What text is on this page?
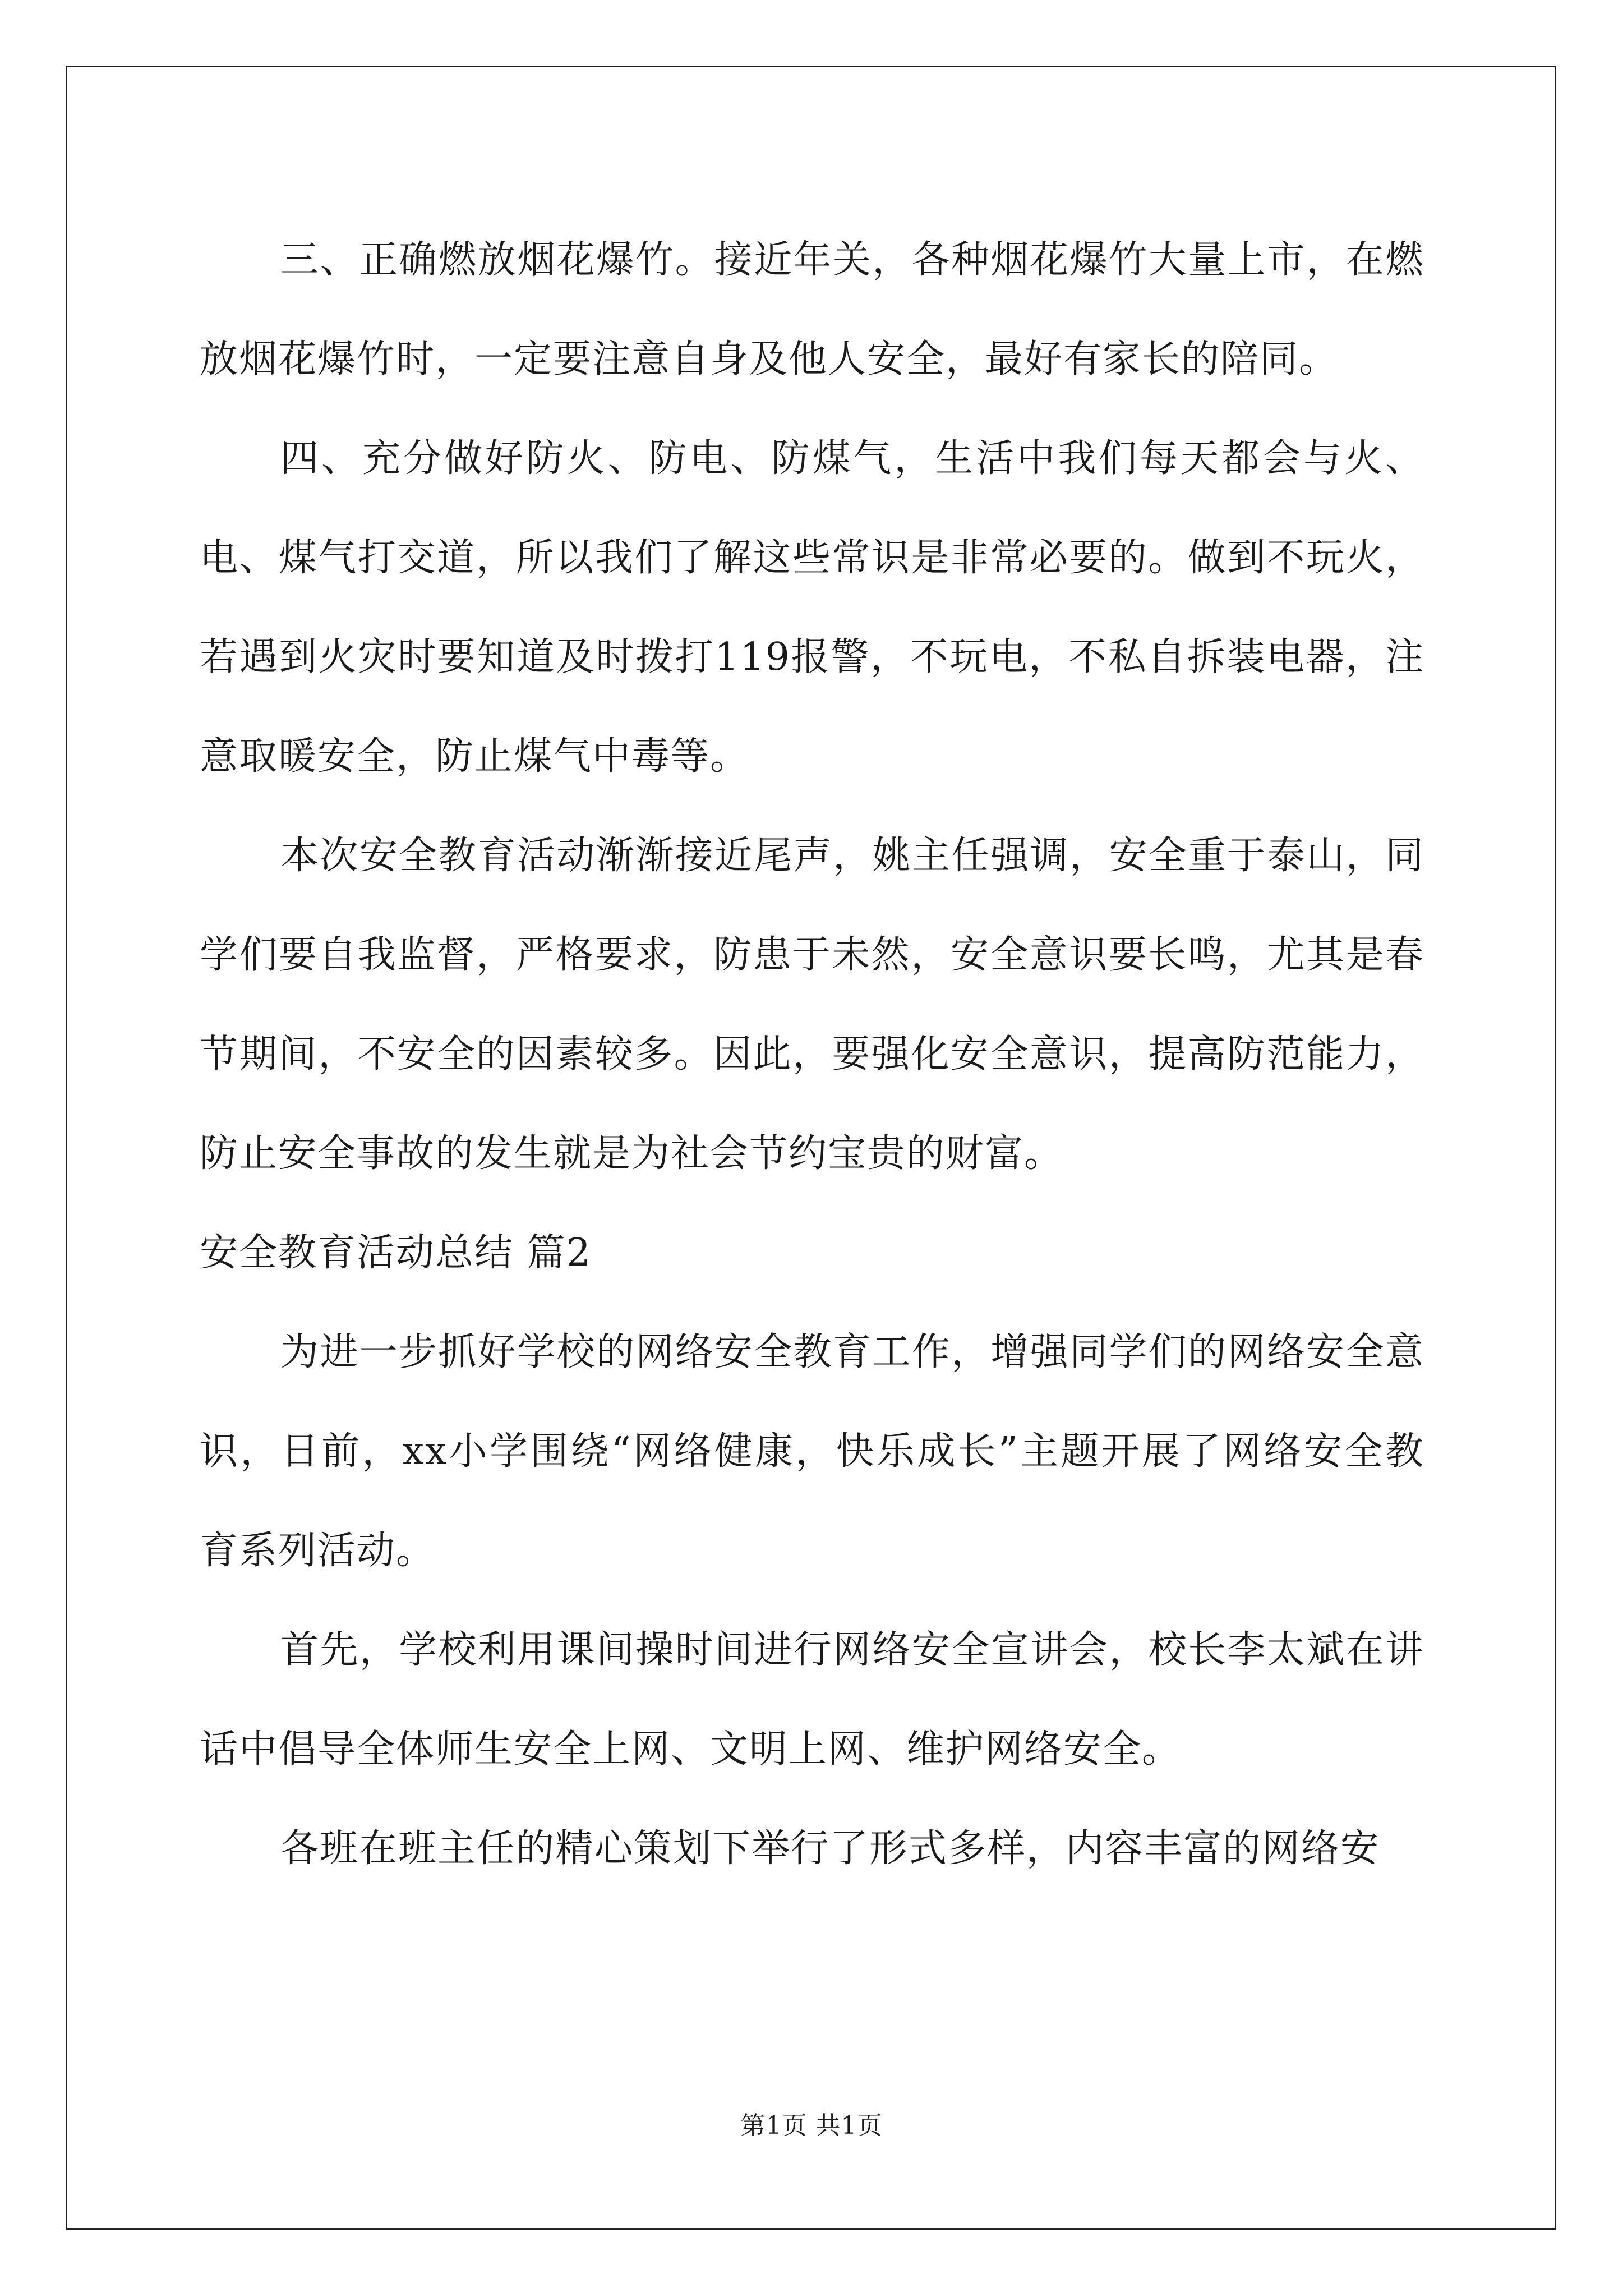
三、正确燃放烟花爆竹。接近年关，各种烟花爆竹大量上市，在燃放烟花爆竹时，一定要注意自身及他人安全，最好有家长的陪同。

四、充分做好防火、防电、防煤气，生活中我们每天都会与火、电、煤气打交道，所以我们了解这些常识是非常必要的。做到不玩火，若遇到火灾时要知道及时拨打119报警，不玩电，不私自拆装电器，注意取暖安全，防止煤气中毒等。

本次安全教育活动渐渐接近尾声，姚主任强调，安全重于泰山，同学们要自我监督，严格要求，防患于未然，安全意识要长鸣，尤其是春节期间，不安全的因素较多。因此，要强化安全意识，提高防范能力，防止安全事故的发生就是为社会节约宝贵的财富。

安全教育活动总结 篇2

为进一步抓好学校的网络安全教育工作，增强同学们的网络安全意识，日前，xx小学围绕“网络健康，快乐成长”主题开展了网络安全教育系列活动。

首先，学校利用课间操时间进行网络安全宣讲会，校长李太斌在讲话中倡导全体师生安全上网、文明上网、维护网络安全。

各班在班主任的精心策划下举行了形式多样，内容丰富的网络安

第1页 共1页
